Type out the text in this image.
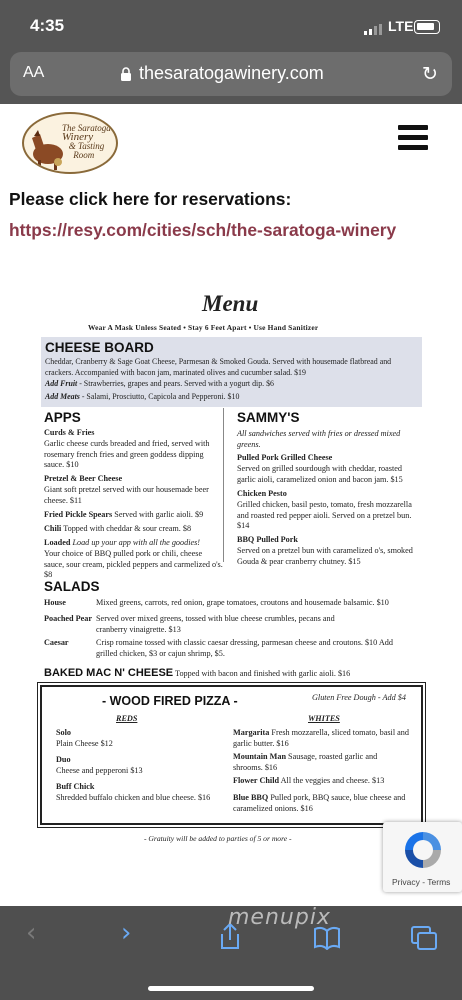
4:35	LTE
AA	thesaratogawinery.com	↻
The Saratoga
Winery
& Tasting
Room
Please click here for reservations: https://resy.com/cities/sch/the-saratoga-winery
Menu
Wear A Mask Unless Seated • Stay 6 Feet Apart • Use Hand Sanitizer
CHEESE BOARD
Cheddar, Cranberry & Sage Goat Cheese, Parmesan & Smoked Gouda. Served with housemade flatbread and crackers. Accompanied with bacon jam, marinated olives and cucumber salad. $19
Add Fruit - Strawberries, grapes and pears. Served with a yogurt dip. $6
Add Meats - Salami, Prosciutto, Capicola and Pepperoni. $10
APPS
Curds & Fries
Garlic cheese curds breaded and fried, served with rosemary french fries and green goddess dipping sauce. $10
Pretzel & Beer Cheese
Giant soft pretzel served with our housemade beer cheese. $11
Fried Pickle Spears Served with garlic aioli. $9
Chili Topped with cheddar & sour cream. $8
Loaded Load up your app with all the goodies!
Your choice of BBQ pulled pork or chili, cheese sauce, sour cream, pickled peppers and carmelized o's. $8
SAMMY'S
All sandwiches served with fries or dressed mixed greens.
Pulled Pork Grilled Cheese
Served on grilled sourdough with cheddar, roasted garlic aioli, caramelized onion and bacon jam. $15
Chicken Pesto
Grilled chicken, basil pesto, tomato, fresh mozzarella and roasted red pepper aioli. Served on a pretzel bun. $14
BBQ Pulled Pork
Served on a pretzel bun with caramelized o's, smoked Gouda & pear cranberry chutney. $15
SALADS
House	Mixed greens, carrots, red onion, grape tomatoes, croutons and housemade balsamic. $10
Poached Pear Served over mixed greens, tossed with blue cheese crumbles, pecans and cranberry vinaigrette. $13
Caesar	Crisp romaine tossed with classic caesar dressing, parmesan cheese and croutons. $10 Add grilled chicken, $3 or cajun shrimp, $5.
BAKED MAC N' CHEESE Topped with bacon and finished with garlic aioli. $16
- WOOD FIRED PIZZA -	Gluten Free Dough - Add $4
REDS	WHITES
Solo
Plain Cheese $12
Duo
Cheese and pepperoni $13
Buff Chick
Shredded buffalo chicken and blue cheese. $16
Margarita Fresh mozzarella, sliced tomato, basil and garlic butter. $16
Mountain Man Sausage, roasted garlic and shrooms. $16
Flower Child All the veggies and cheese. $13
Blue BBQ Pulled pork, BBQ sauce, blue cheese and caramelized onions. $16
- Gratuity will be added to parties of 5 or more -
Privacy - Terms
‹	›
menupix
